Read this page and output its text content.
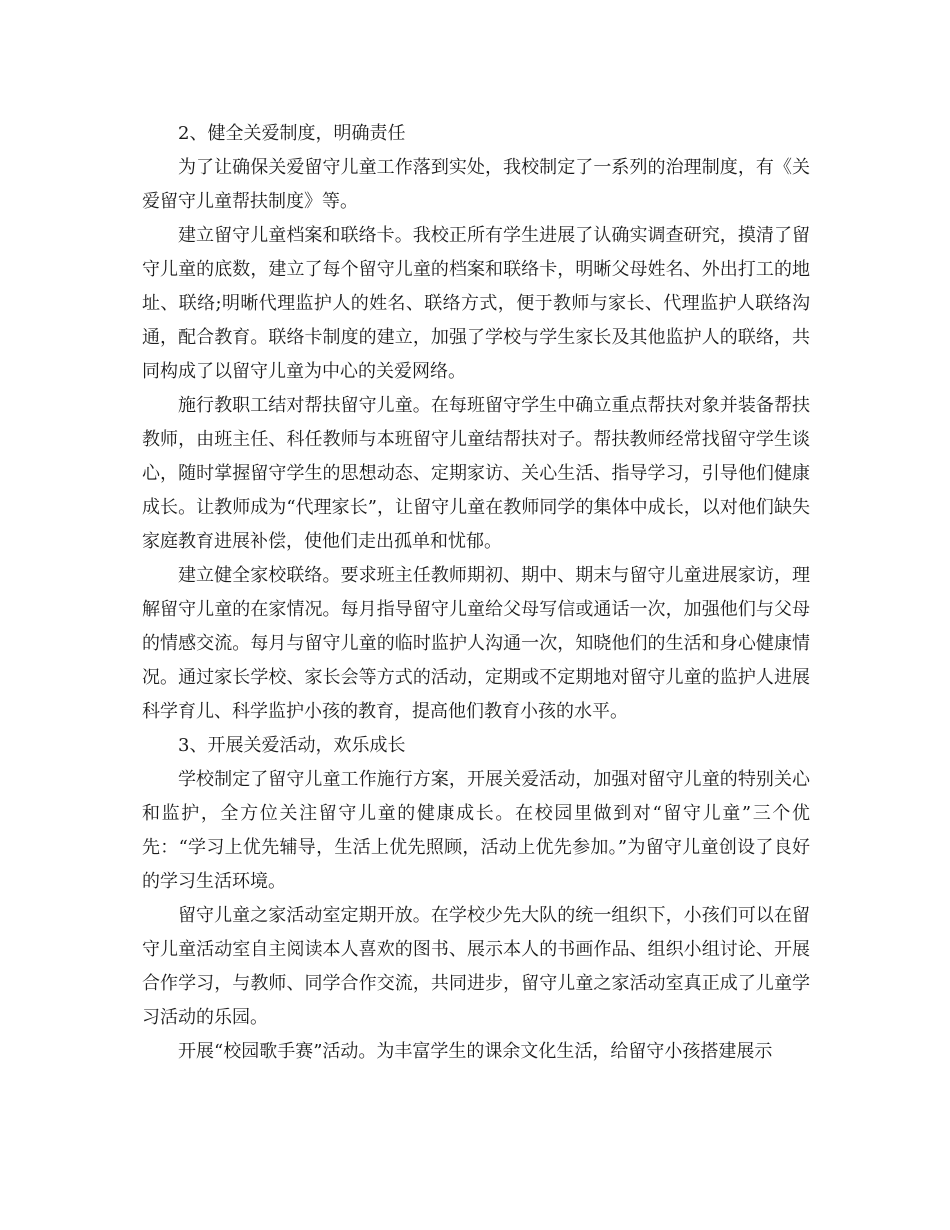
2、健全关爱制度，明确责任

为了让确保关爱留守儿童工作落到实处，我校制定了一系列的治理制度，有《关爱留守儿童帮扶制度》等。

建立留守儿童档案和联络卡。我校正所有学生进展了认确实调查研究，摸清了留守儿童的底数，建立了每个留守儿童的档案和联络卡，明晰父母姓名、外出打工的地址、联络;明晰代理监护人的姓名、联络方式，便于教师与家长、代理监护人联络沟通，配合教育。联络卡制度的建立，加强了学校与学生家长及其他监护人的联络，共同构成了以留守儿童为中心的关爱网络。

施行教职工结对帮扶留守儿童。在每班留守学生中确立重点帮扶对象并装备帮扶教师，由班主任、科任教师与本班留守儿童结帮扶对子。帮扶教师经常找留守学生谈心，随时掌握留守学生的思想动态、定期家访、关心生活、指导学习，引导他们健康成长。让教师成为“代理家长”，让留守儿童在教师同学的集体中成长，以对他们缺失家庭教育进展补偿，使他们走出孤单和忧郁。

建立健全家校联络。要求班主任教师期初、期中、期末与留守儿童进展家访，理解留守儿童的在家情况。每月指导留守儿童给父母写信或通话一次，加强他们与父母的情感交流。每月与留守儿童的临时监护人沟通一次，知晓他们的生活和身心健康情况。通过家长学校、家长会等方式的活动，定期或不定期地对留守儿童的监护人进展科学育儿、科学监护小孩的教育，提高他们教育小孩的水平。

3、开展关爱活动，欢乐成长

学校制定了留守儿童工作施行方案，开展关爱活动，加强对留守儿童的特别关心和监护，全方位关注留守儿童的健康成长。在校园里做到对“留守儿童”三个优先：“学习上优先辅导，生活上优先照顾，活动上优先参加。”为留守儿童创设了良好的学习生活环境。

留守儿童之家活动室定期开放。在学校少先大队的统一组织下，小孩们可以在留守儿童活动室自主阅读本人喜欢的图书、展示本人的书画作品、组织小组讨论、开展合作学习，与教师、同学合作交流，共同进步，留守儿童之家活动室真正成了儿童学习活动的乐园。

开展“校园歌手赛”活动。为丰富学生的课余文化生活，给留守小孩搭建展示
